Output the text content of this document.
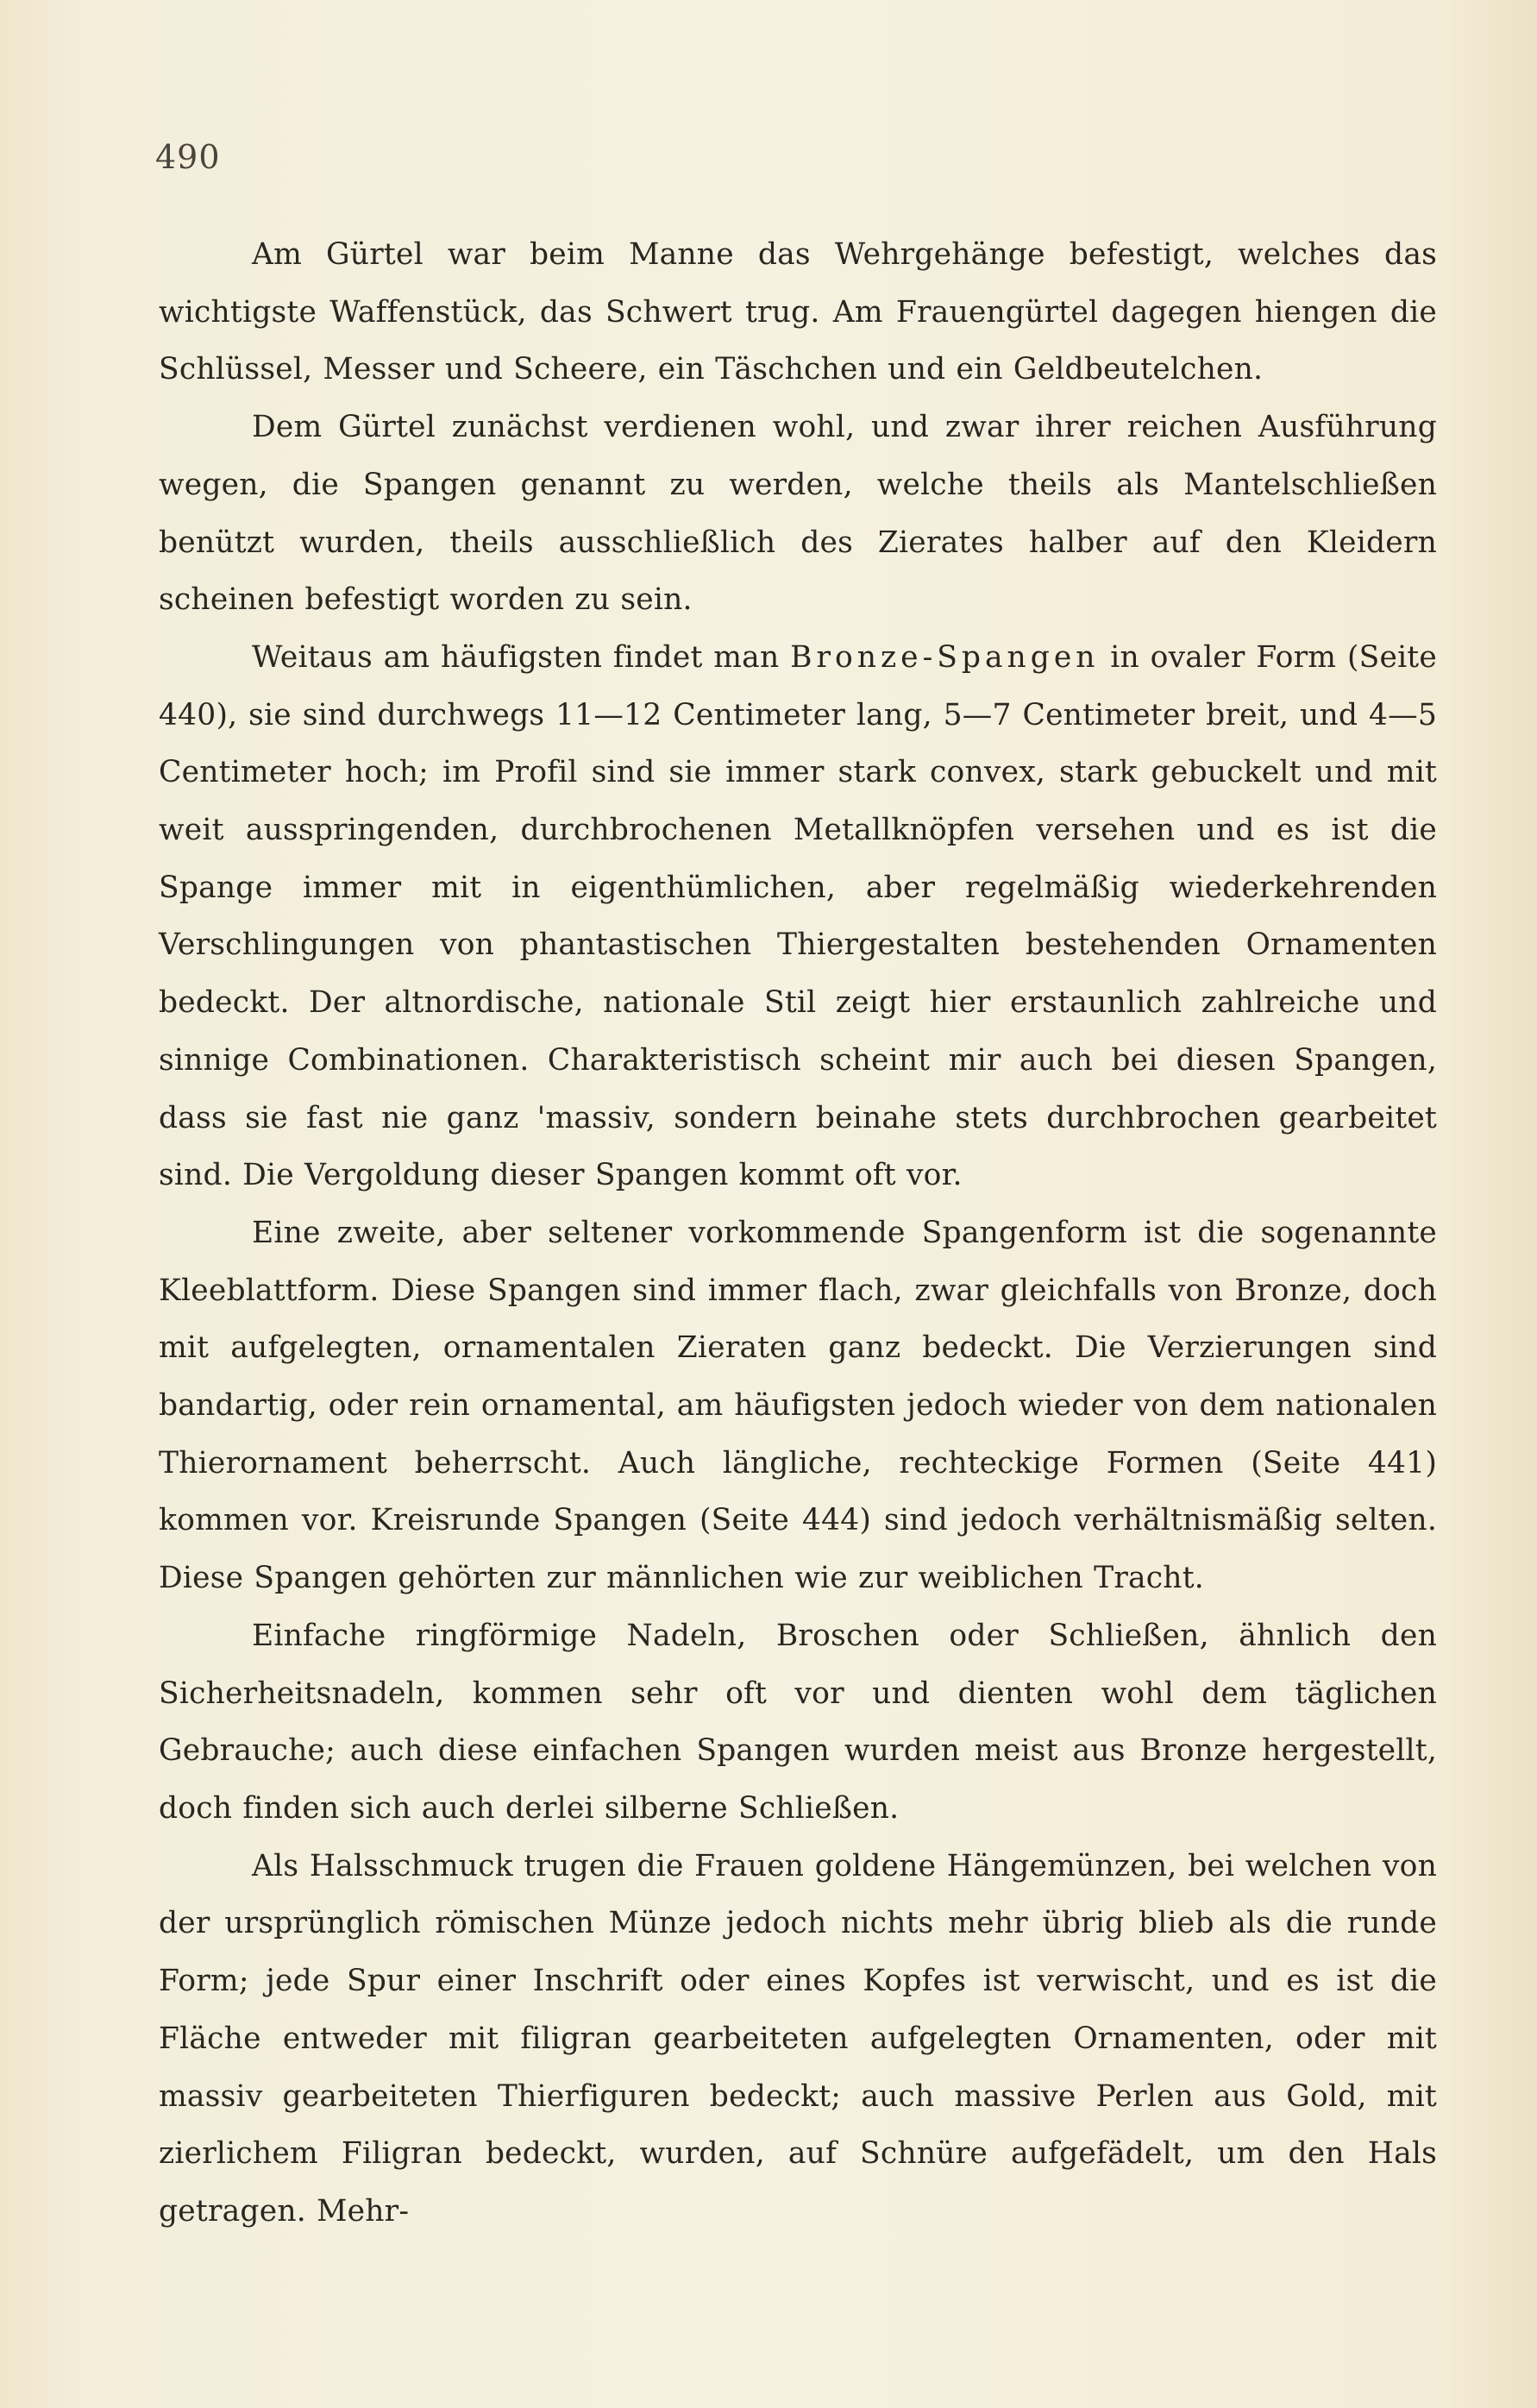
490

Am Gürtel war beim Manne das Wehrgehänge befestigt, welches das wichtigste Waffenstück, das Schwert trug. Am Frauengürtel dagegen hiengen die Schlüssel, Messer und Scheere, ein Täschchen und ein Geldbeutelchen.

Dem Gürtel zunächst verdienen wohl, und zwar ihrer reichen Ausführung wegen, die Spangen genannt zu werden, welche theils als Mantelschließen benützt wurden, theils ausschließlich des Zierates halber auf den Kleidern scheinen befestigt worden zu sein.

Weitaus am häufigsten findet man Bronze-Spangen in ovaler Form (Seite 440), sie sind durchwegs 11—12 Centimeter lang, 5—7 Centimeter breit, und 4—5 Centimeter hoch; im Profil sind sie immer stark convex, stark gebuckelt und mit weit ausspringenden, durchbrochenen Metallknöpfen versehen und es ist die Spange immer mit in eigenthümlichen, aber regelmäßig wiederkehrenden Verschlingungen von phantastischen Thiergestalten bestehenden Ornamenten bedeckt. Der altnordische, nationale Stil zeigt hier erstaunlich zahlreiche und sinnige Combinationen. Charakteristisch scheint mir auch bei diesen Spangen, dass sie fast nie ganz 'massiv, sondern beinahe stets durchbrochen gearbeitet sind. Die Vergoldung dieser Spangen kommt oft vor.

Eine zweite, aber seltener vorkommende Spangenform ist die sogenannte Kleeblattform. Diese Spangen sind immer flach, zwar gleichfalls von Bronze, doch mit aufgelegten, ornamentalen Zieraten ganz bedeckt. Die Verzierungen sind bandartig, oder rein ornamental, am häufigsten jedoch wieder von dem nationalen Thierornament beherrscht. Auch längliche, rechteckige Formen (Seite 441) kommen vor. Kreisrunde Spangen (Seite 444) sind jedoch verhältnismäßig selten. Diese Spangen gehörten zur männlichen wie zur weiblichen Tracht.

Einfache ringförmige Nadeln, Broschen oder Schließen, ähnlich den Sicherheitsnadeln, kommen sehr oft vor und dienten wohl dem täglichen Gebrauche; auch diese einfachen Spangen wurden meist aus Bronze hergestellt, doch finden sich auch derlei silberne Schließen.

Als Halsschmuck trugen die Frauen goldene Hängemünzen, bei welchen von der ursprünglich römischen Münze jedoch nichts mehr übrig blieb als die runde Form; jede Spur einer Inschrift oder eines Kopfes ist verwischt, und es ist die Fläche entweder mit filigran gearbeiteten aufgelegten Ornamenten, oder mit massiv gearbeiteten Thierfiguren bedeckt; auch massive Perlen aus Gold, mit zierlichem Filigran bedeckt, wurden, auf Schnüre aufgefädelt, um den Hals getragen. Mehr-
